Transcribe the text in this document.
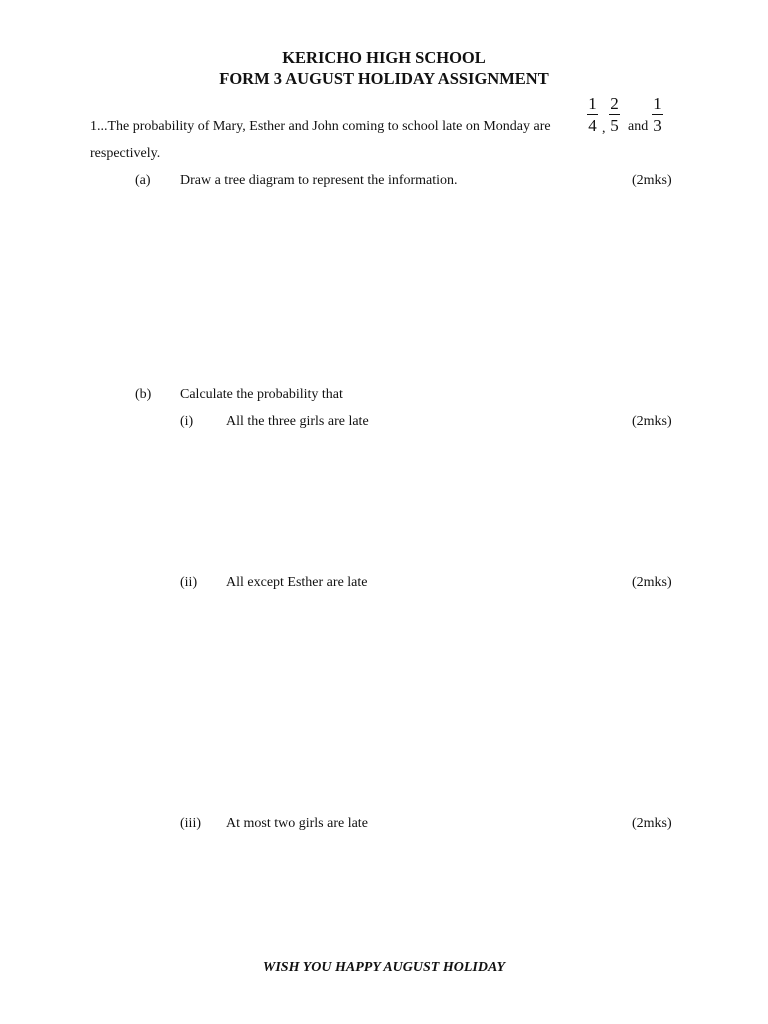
KERICHO HIGH SCHOOL
FORM 3 AUGUST HOLIDAY ASSIGNMENT
1...The probability of Mary, Esther and John coming to school late on Monday are
1
4 ,
2
5 and
1
3
respectively.
(a) Draw a tree diagram to represent the information.	(2mks)
(b) Calculate the probability that
(i) All the three girls are late	(2mks)
(ii) All except Esther are late	(2mks)
(iii) At most two girls are late	(2mks)
WISH YOU HAPPY AUGUST HOLIDAY
